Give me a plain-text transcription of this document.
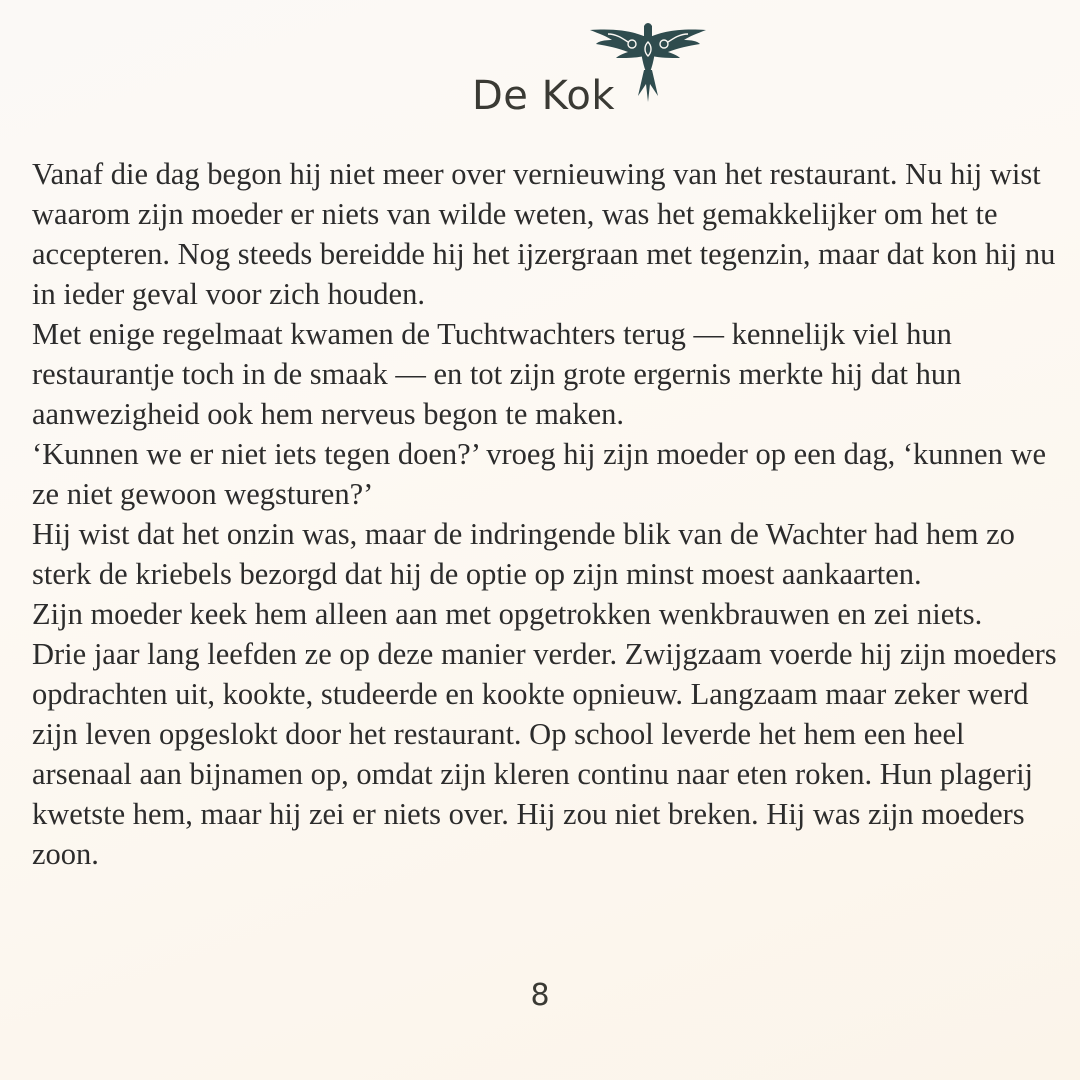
De Kok

Vanaf die dag begon hij niet meer over vernieuwing van het restaurant. Nu hij wist waarom zijn moeder er niets van wilde weten, was het gemakkelijker om het te accepteren. Nog steeds bereidde hij het ijzergraan met tegenzin, maar dat kon hij nu in ieder geval voor zich houden.

Met enige regelmaat kwamen de Tuchtwachters terug — kennelijk viel hun restaurantje toch in de smaak — en tot zijn grote ergernis merkte hij dat hun aanwezigheid ook hem nerveus begon te maken.

‘Kunnen we er niet iets tegen doen?’ vroeg hij zijn moeder op een dag, ‘kunnen we ze niet gewoon wegsturen?’

Hij wist dat het onzin was, maar de indringende blik van de Wachter had hem zo sterk de kriebels bezorgd dat hij de optie op zijn minst moest aankaarten.

Zijn moeder keek hem alleen aan met opgetrokken wenkbrauwen en zei niets.

Drie jaar lang leefden ze op deze manier verder. Zwijgzaam voerde hij zijn moeders opdrachten uit, kookte, studeerde en kookte opnieuw. Langzaam maar zeker werd zijn leven opgeslokt door het restaurant. Op school leverde het hem een heel arsenaal aan bijnamen op, omdat zijn kleren continu naar eten roken. Hun plagerij kwetste hem, maar hij zei er niets over. Hij zou niet breken. Hij was zijn moeders zoon.

8
